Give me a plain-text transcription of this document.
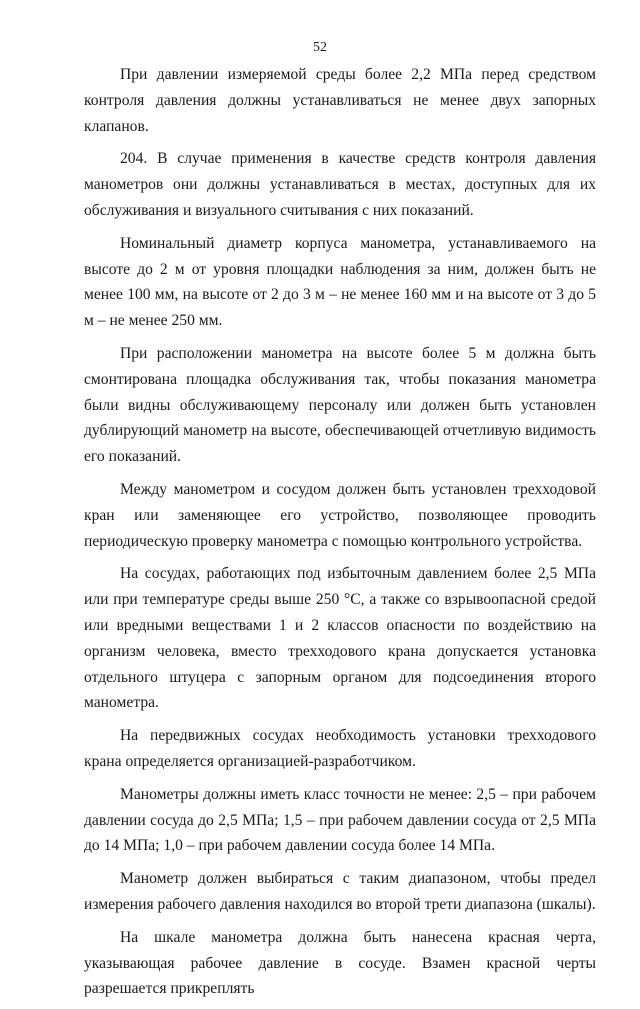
52

При давлении измеряемой среды более 2,2 МПа перед средством контроля давления должны устанавливаться не менее двух запорных клапанов.

204. В случае применения в качестве средств контроля давления манометров они должны устанавливаться в местах, доступных для их обслуживания и визуального считывания с них показаний.

Номинальный диаметр корпуса манометра, устанавливаемого на высоте до 2 м от уровня площадки наблюдения за ним, должен быть не менее 100 мм, на высоте от 2 до 3 м – не менее 160 мм и на высоте от 3 до 5 м – не менее 250 мм.

При расположении манометра на высоте более 5 м должна быть смонтирована площадка обслуживания так, чтобы показания манометра были видны обслуживающему персоналу или должен быть установлен дублирующий манометр на высоте, обеспечивающей отчетливую видимость его показаний.

Между манометром и сосудом должен быть установлен трехходовой кран или заменяющее его устройство, позволяющее проводить периодическую проверку манометра с помощью контрольного устройства.

На сосудах, работающих под избыточным давлением более 2,5 МПа или при температуре среды выше 250 °С, а также со взрывоопасной средой или вредными веществами 1 и 2 классов опасности по воздействию на организм человека, вместо трехходового крана допускается установка отдельного штуцера с запорным органом для подсоединения второго манометра.

На передвижных сосудах необходимость установки трехходового крана определяется организацией-разработчиком.

Манометры должны иметь класс точности не менее: 2,5 – при рабочем давлении сосуда до 2,5 МПа; 1,5 – при рабочем давлении сосуда от 2,5 МПа до 14 МПа; 1,0 – при рабочем давлении сосуда более 14 МПа.

Манометр должен выбираться с таким диапазоном, чтобы предел измерения рабочего давления находился во второй трети диапазона (шкалы).

На шкале манометра должна быть нанесена красная черта, указывающая рабочее давление в сосуде. Взамен красной черты разрешается прикреплять
